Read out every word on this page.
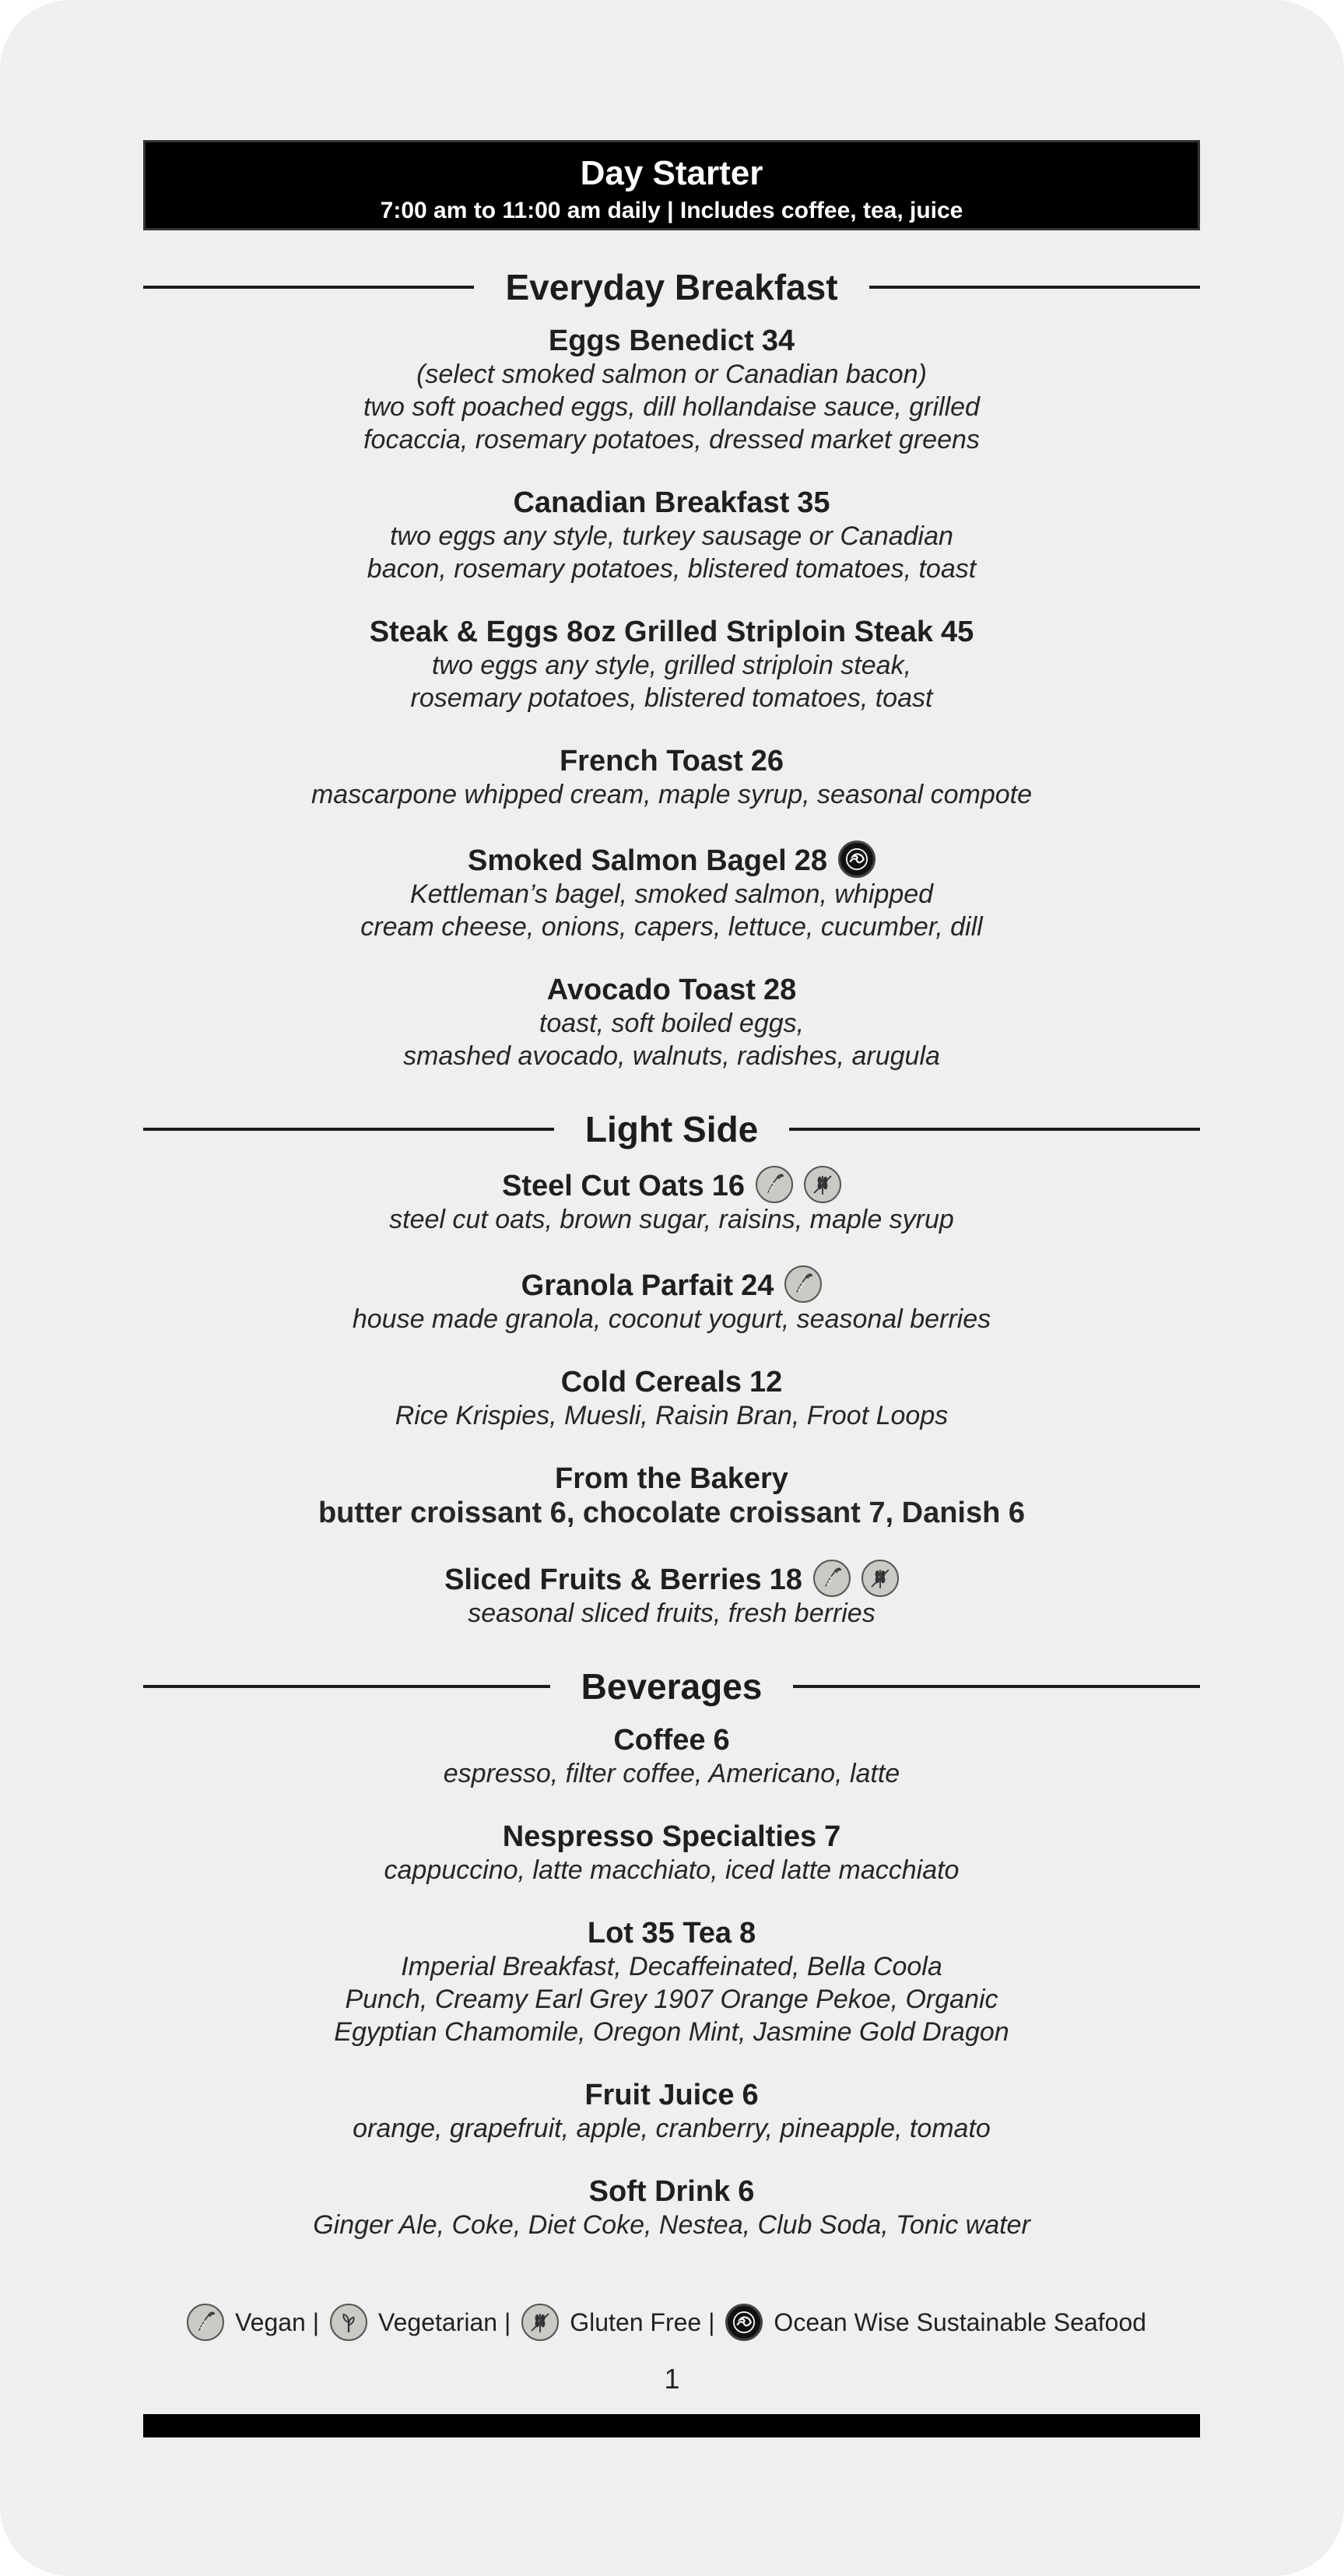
Day Starter
7:00 am to 11:00 am daily | Includes coffee, tea, juice
Everyday Breakfast
Eggs Benedict 34
(select smoked salmon or Canadian bacon)
two soft poached eggs, dill hollandaise sauce, grilled
focaccia, rosemary potatoes, dressed market greens
Canadian Breakfast 35
two eggs any style, turkey sausage or Canadian
bacon, rosemary potatoes, blistered tomatoes, toast
Steak & Eggs 8oz Grilled Striploin Steak 45
two eggs any style, grilled striploin steak,
rosemary potatoes, blistered tomatoes, toast
French Toast 26
mascarpone whipped cream, maple syrup, seasonal compote
Smoked Salmon Bagel 28
Kettleman’s bagel, smoked salmon, whipped
cream cheese, onions, capers, lettuce, cucumber, dill
Avocado Toast 28
toast, soft boiled eggs,
smashed avocado, walnuts, radishes, arugula
Light Side
Steel Cut Oats 16
steel cut oats, brown sugar, raisins, maple syrup
Granola Parfait 24
house made granola, coconut yogurt, seasonal berries
Cold Cereals 12
Rice Krispies, Muesli, Raisin Bran, Froot Loops
From the Bakery
butter croissant 6, chocolate croissant 7, Danish 6
Sliced Fruits & Berries 18
seasonal sliced fruits, fresh berries
Beverages
Coffee 6
espresso, filter coffee, Americano, latte
Nespresso Specialties 7
cappuccino, latte macchiato, iced latte macchiato
Lot 35 Tea 8
Imperial Breakfast, Decaffeinated, Bella Coola
Punch, Creamy Earl Grey 1907 Orange Pekoe, Organic
Egyptian Chamomile, Oregon Mint, Jasmine Gold Dragon
Fruit Juice 6
orange, grapefruit, apple, cranberry, pineapple, tomato
Soft Drink 6
Ginger Ale, Coke, Diet Coke, Nestea, Club Soda, Tonic water
Vegan | Vegetarian | Gluten Free | Ocean Wise Sustainable Seafood
1
